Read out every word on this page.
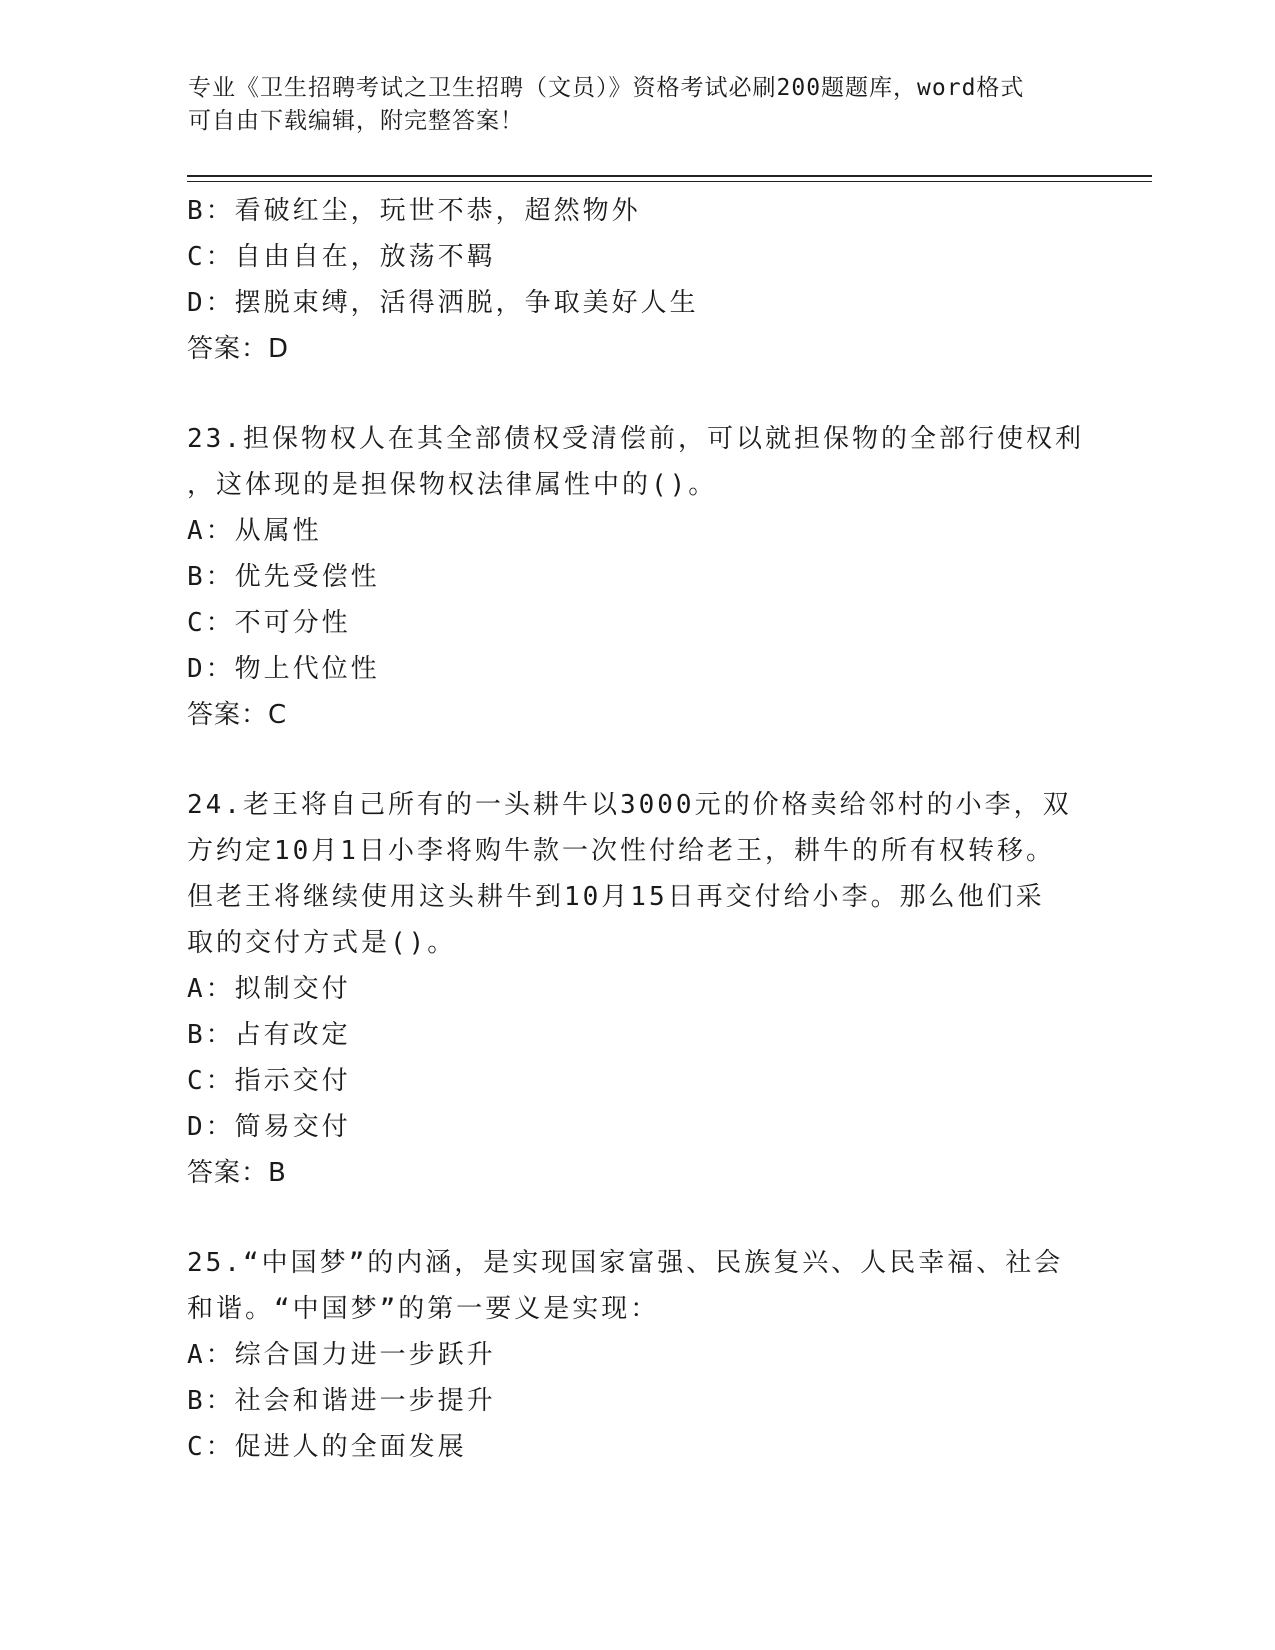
专业《卫生招聘考试之卫生招聘（文员）》资格考试必刷200题题库，word格式
可自由下载编辑，附完整答案！
B：看破红尘，玩世不恭，超然物外
C：自由自在，放荡不羁
D：摆脱束缚，活得洒脱，争取美好人生
答案：D
23.担保物权人在其全部债权受清偿前，可以就担保物的全部行使权利
，这体现的是担保物权法律属性中的()。
A：从属性
B：优先受偿性
C：不可分性
D：物上代位性
答案：C
24.老王将自己所有的一头耕牛以3000元的价格卖给邻村的小李，双
方约定10月1日小李将购牛款一次性付给老王，耕牛的所有权转移。
但老王将继续使用这头耕牛到10月15日再交付给小李。那么他们采
取的交付方式是()。
A：拟制交付
B：占有改定
C：指示交付
D：简易交付
答案：B
25.“中国梦”的内涵，是实现国家富强、民族复兴、人民幸福、社会
和谐。“中国梦”的第一要义是实现：
A：综合国力进一步跃升
B：社会和谐进一步提升
C：促进人的全面发展
